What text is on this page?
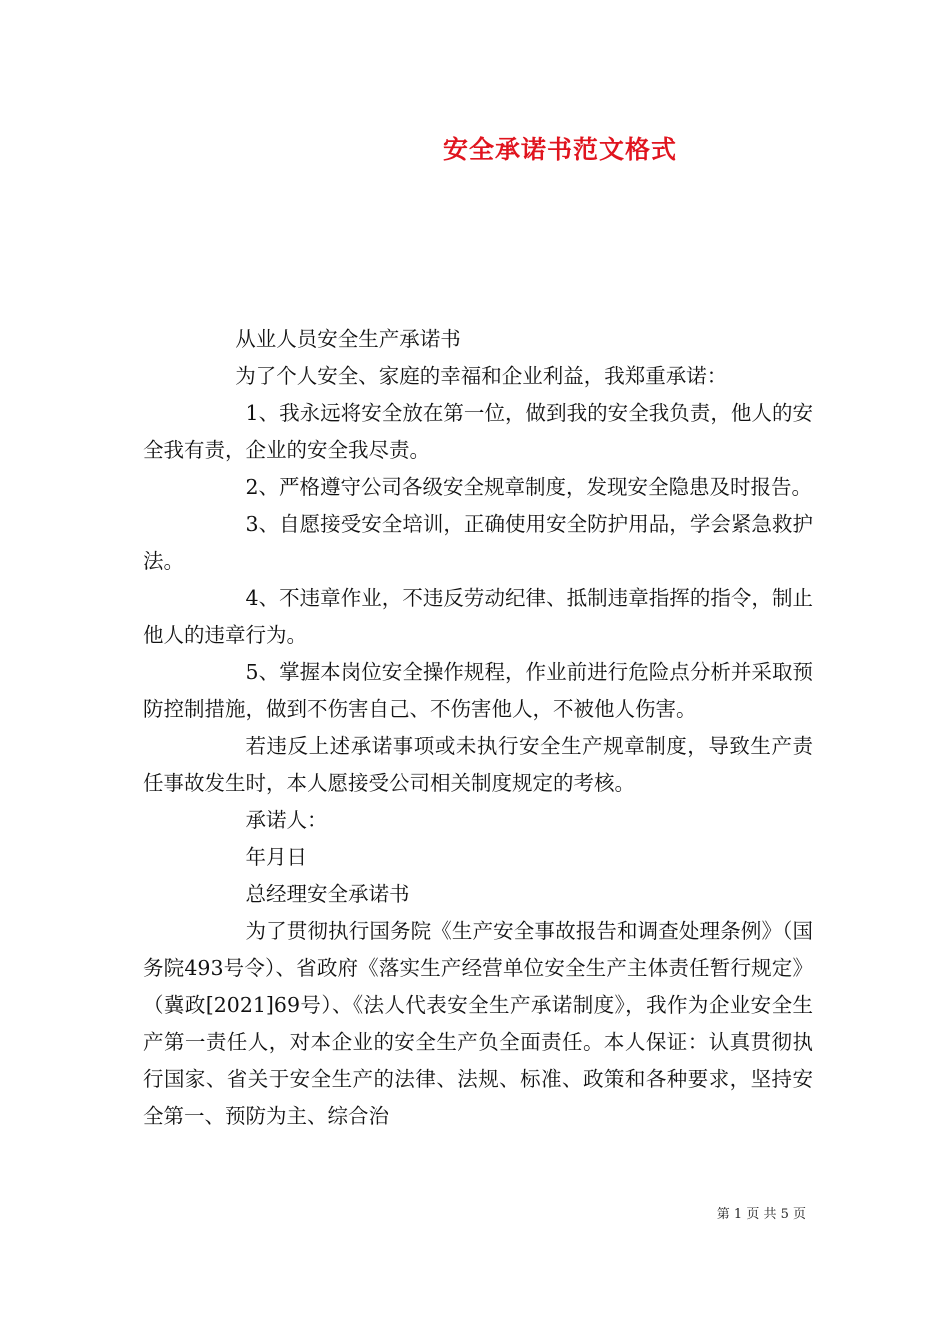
安全承诺书范文格式

从业人员安全生产承诺书

为了个人安全、家庭的幸福和企业利益，我郑重承诺：

1、我永远将安全放在第一位，做到我的安全我负责，他人的安全我有责，企业的安全我尽责。

2、严格遵守公司各级安全规章制度，发现安全隐患及时报告。

3、自愿接受安全培训，正确使用安全防护用品，学会紧急救护法。

4、不违章作业，不违反劳动纪律、抵制违章指挥的指令，制止他人的违章行为。

5、掌握本岗位安全操作规程，作业前进行危险点分析并采取预防控制措施，做到不伤害自己、不伤害他人，不被他人伤害。

若违反上述承诺事项或未执行安全生产规章制度，导致生产责任事故发生时，本人愿接受公司相关制度规定的考核。

承诺人：

年月日

总经理安全承诺书

为了贯彻执行国务院《生产安全事故报告和调查处理条例》（国务院493号令）、省政府《落实生产经营单位安全生产主体责任暂行规定》（冀政[2021]69号）、《法人代表安全生产承诺制度》，我作为企业安全生产第一责任人，对本企业的安全生产负全面责任。本人保证：认真贯彻执行国家、省关于安全生产的法律、法规、标准、政策和各种要求，坚持安全第一、预防为主、综合治

第 1 页 共 5 页
